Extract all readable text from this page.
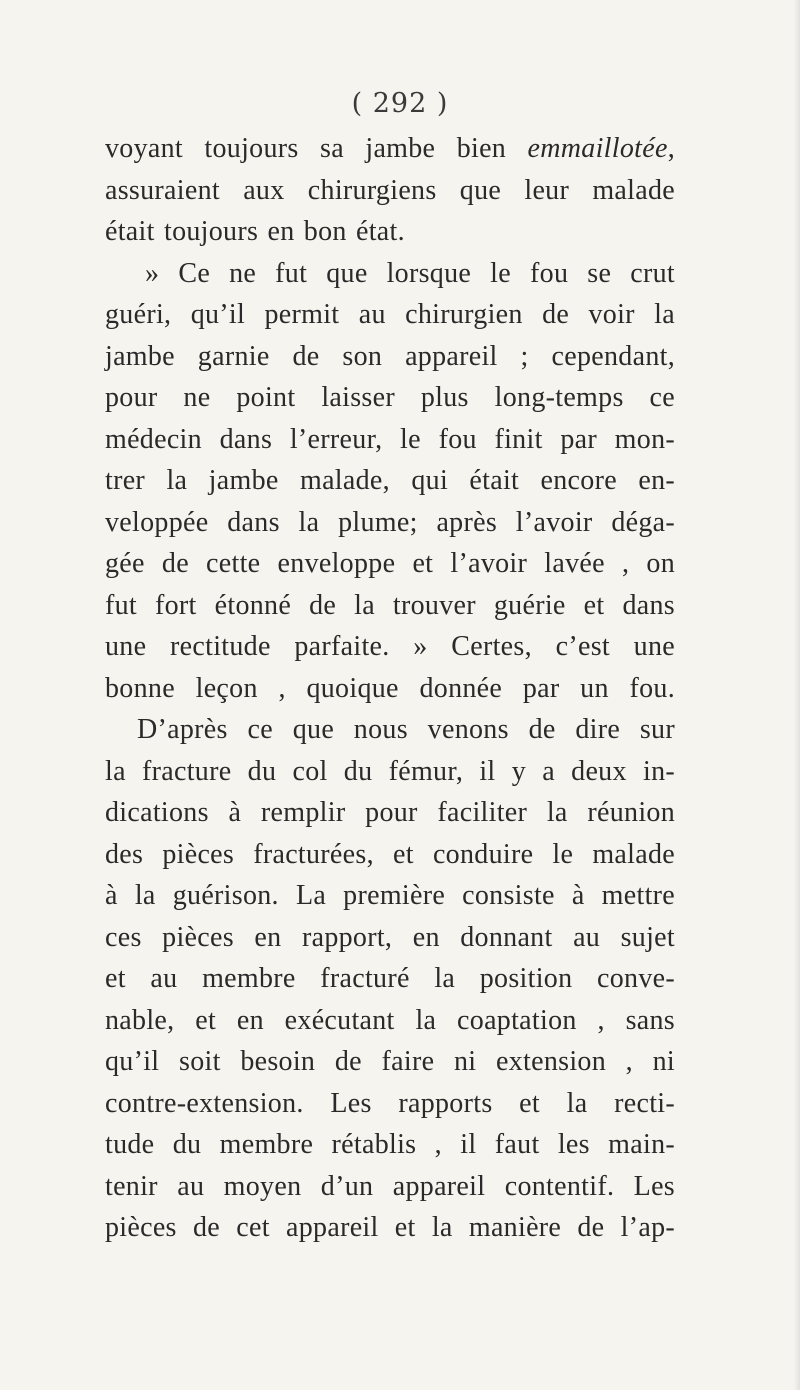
( 292 )
voyant toujours sa jambe bien emmaillotée,
assuraient aux chirurgiens que leur malade
était toujours en bon état.
» Ce ne fut que lorsque le fou se crut
guéri, qu’il permit au chirurgien de voir la
jambe garnie de son appareil ; cependant,
pour ne point laisser plus long-temps ce
médecin dans l’erreur, le fou finit par mon-
trer la jambe malade, qui était encore en-
veloppée dans la plume; après l’avoir déga-
gée de cette enveloppe et l’avoir lavée , on
fut fort étonné de la trouver guérie et dans
une rectitude parfaite. » Certes, c’est une
bonne leçon , quoique donnée par un fou.
D’après ce que nous venons de dire sur
la fracture du col du fémur, il y a deux in-
dications à remplir pour faciliter la réunion
des pièces fracturées, et conduire le malade
à la guérison. La première consiste à mettre
ces pièces en rapport, en donnant au sujet
et au membre fracturé la position conve-
nable, et en exécutant la coaptation , sans
qu’il soit besoin de faire ni extension , ni
contre-extension. Les rapports et la recti-
tude du membre rétablis , il faut les main-
tenir au moyen d’un appareil contentif. Les
pièces de cet appareil et la manière de l’ap-
